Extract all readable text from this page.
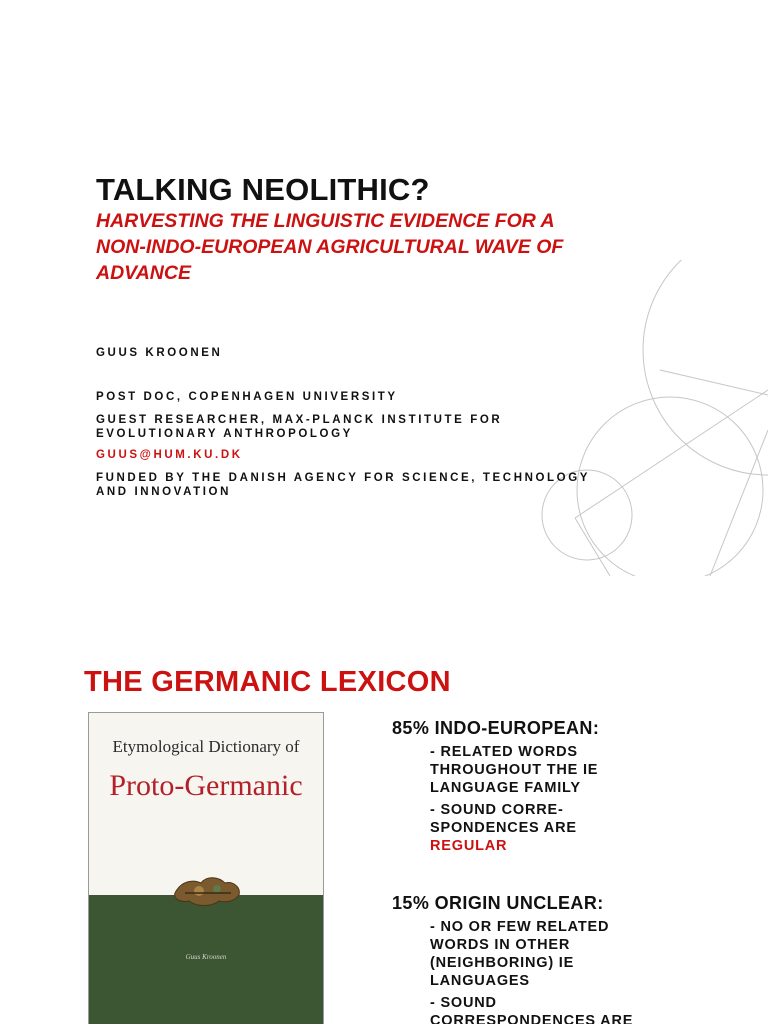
TALKING NEOLITHIC?
HARVESTING THE LINGUISTIC EVIDENCE FOR A
NON-INDO-EUROPEAN AGRICULTURAL WAVE OF
ADVANCE
GUUS KROONEN
POST DOC, COPENHAGEN UNIVERSITY
GUEST RESEARCHER, MAX-PLANCK INSTITUTE FOR
EVOLUTIONARY ANTHROPOLOGY
GUUS@HUM.KU.DK
FUNDED BY THE DANISH AGENCY FOR SCIENCE, TECHNOLOGY
AND INNOVATION
THE GERMANIC LEXICON
Etymological Dictionary of
Proto-Germanic
Guus Kroonen
85% INDO-EUROPEAN:
- RELATED WORDS
THROUGHOUT THE IE
LANGUAGE FAMILY
- SOUND CORRE-
SPONDENCES ARE
REGULAR
15% ORIGIN UNCLEAR:
- NO OR FEW RELATED
WORDS IN OTHER
(NEIGHBORING) IE
LANGUAGES
- SOUND
CORRESPONDENCES ARE
